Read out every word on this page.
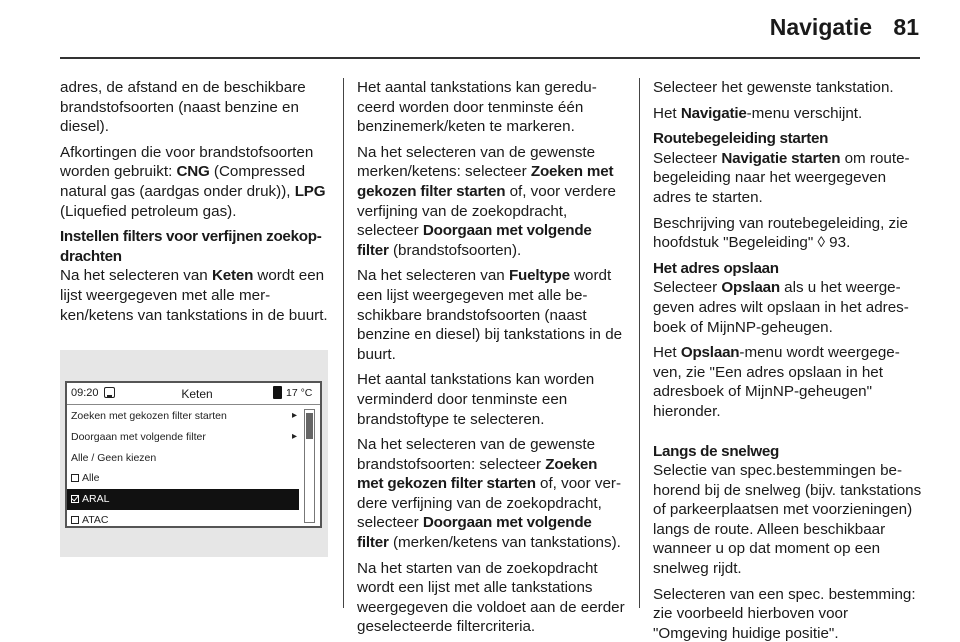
Navigatie 81

adres, de afstand en de beschikbare brandstofsoorten (naast benzine en diesel).

Afkortingen die voor brandstofsoorten worden gebruikt: CNG (Compressed natural gas (aardgas onder druk)), LPG (Liquefied petroleum gas).

Instellen filters voor verfijnen zoekopdrachten

Na het selecteren van Keten wordt een lijst weergegeven met alle merken/ketens van tankstations in de buurt.

09:20	Keten	17 °C
Zoeken met gekozen filter starten	▸
Doorgaan met volgende filter	▸
Alle / Geen kiezen
Alle
ARAL
ATAC

Het aantal tankstations kan gereduceerd worden door tenminste één benzinemerk/keten te markeren.

Na het selecteren van de gewenste merken/ketens: selecteer Zoeken met gekozen filter starten of, voor verdere verfijning van de zoekopdracht, selecteer Doorgaan met volgende filter (brandstofsoorten).

Na het selecteren van Fueltype wordt een lijst weergegeven met alle beschikbare brandstofsoorten (naast benzine en diesel) bij tankstations in de buurt.

Het aantal tankstations kan worden verminderd door tenminste een brandstoftype te selecteren.

Na het selecteren van de gewenste brandstofsoorten: selecteer Zoeken met gekozen filter starten of, voor verdere verfijning van de zoekopdracht, selecteer Doorgaan met volgende filter (merken/ketens van tankstations).

Na het starten van de zoekopdracht wordt een lijst met alle tankstations weergegeven die voldoet aan de eerder geselecteerde filtercriteria.

Selecteer het gewenste tankstation.

Het Navigatie-menu verschijnt.

Routebegeleiding starten

Selecteer Navigatie starten om routebegeleiding naar het weergegeven adres te starten.

Beschrijving van routebegeleiding, zie hoofdstuk "Begeleiding" ◊ 93.

Het adres opslaan

Selecteer Opslaan als u het weergegeven adres wilt opslaan in het adresboek of MijnNP-geheugen.

Het Opslaan-menu wordt weergegeven, zie "Een adres opslaan in het adresboek of MijnNP-geheugen" hieronder.

Langs de snelweg

Selectie van spec.bestemmingen behorend bij de snelweg (bijv. tankstations of parkeerplaatsen met voorzieningen) langs de route. Alleen beschikbaar wanneer u op dat moment op een snelweg rijdt.

Selecteren van een spec. bestemming: zie voorbeeld hierboven voor "Omgeving huidige positie".
